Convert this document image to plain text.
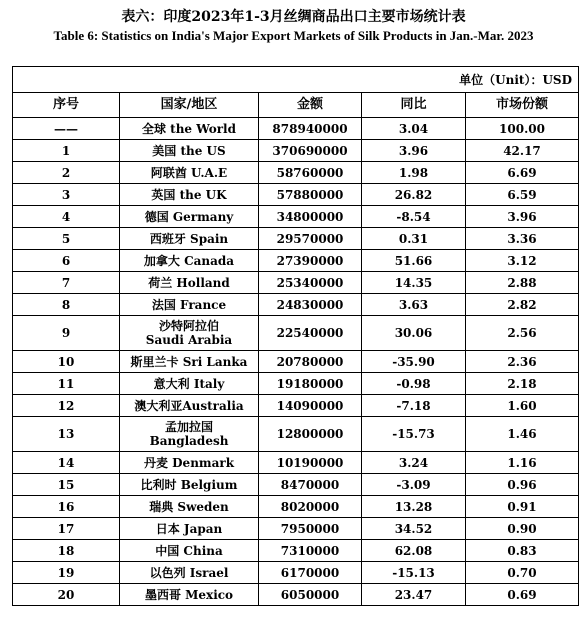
表六：印度2023年1-3月丝绸商品出口主要市场统计表
Table 6: Statistics on India's Major Export Markets of Silk Products in Jan.-Mar. 2023
单位（Unit）：USD				
序号	国家/地区	金额	同比	市场份额
——	全球 the World	878940000	3.04	100.00
1	美国 the US	370690000	3.96	42.17
2	阿联酋 U.A.E	58760000	1.98	6.69
3	英国 the UK	57880000	26.82	6.59
4	德国 Germany	34800000	-8.54	3.96
5	西班牙 Spain	29570000	0.31	3.36
6	加拿大 Canada	27390000	51.66	3.12
7	荷兰 Holland	25340000	14.35	2.88
8	法国 France	24830000	3.63	2.82
9	沙特阿拉伯
Saudi Arabia	22540000	30.06	2.56
10	斯里兰卡 Sri Lanka	20780000	-35.90	2.36
11	意大利 Italy	19180000	-0.98	2.18
12	澳大利亚Australia	14090000	-7.18	1.60
13	孟加拉国
Bangladesh	12800000	-15.73	1.46
14	丹麦 Denmark	10190000	3.24	1.16
15	比利时 Belgium	8470000	-3.09	0.96
16	瑞典 Sweden	8020000	13.28	0.91
17	日本 Japan	7950000	34.52	0.90
18	中国 China	7310000	62.08	0.83
19	以色列 Israel	6170000	-15.13	0.70
20	墨西哥 Mexico	6050000	23.47	0.69
